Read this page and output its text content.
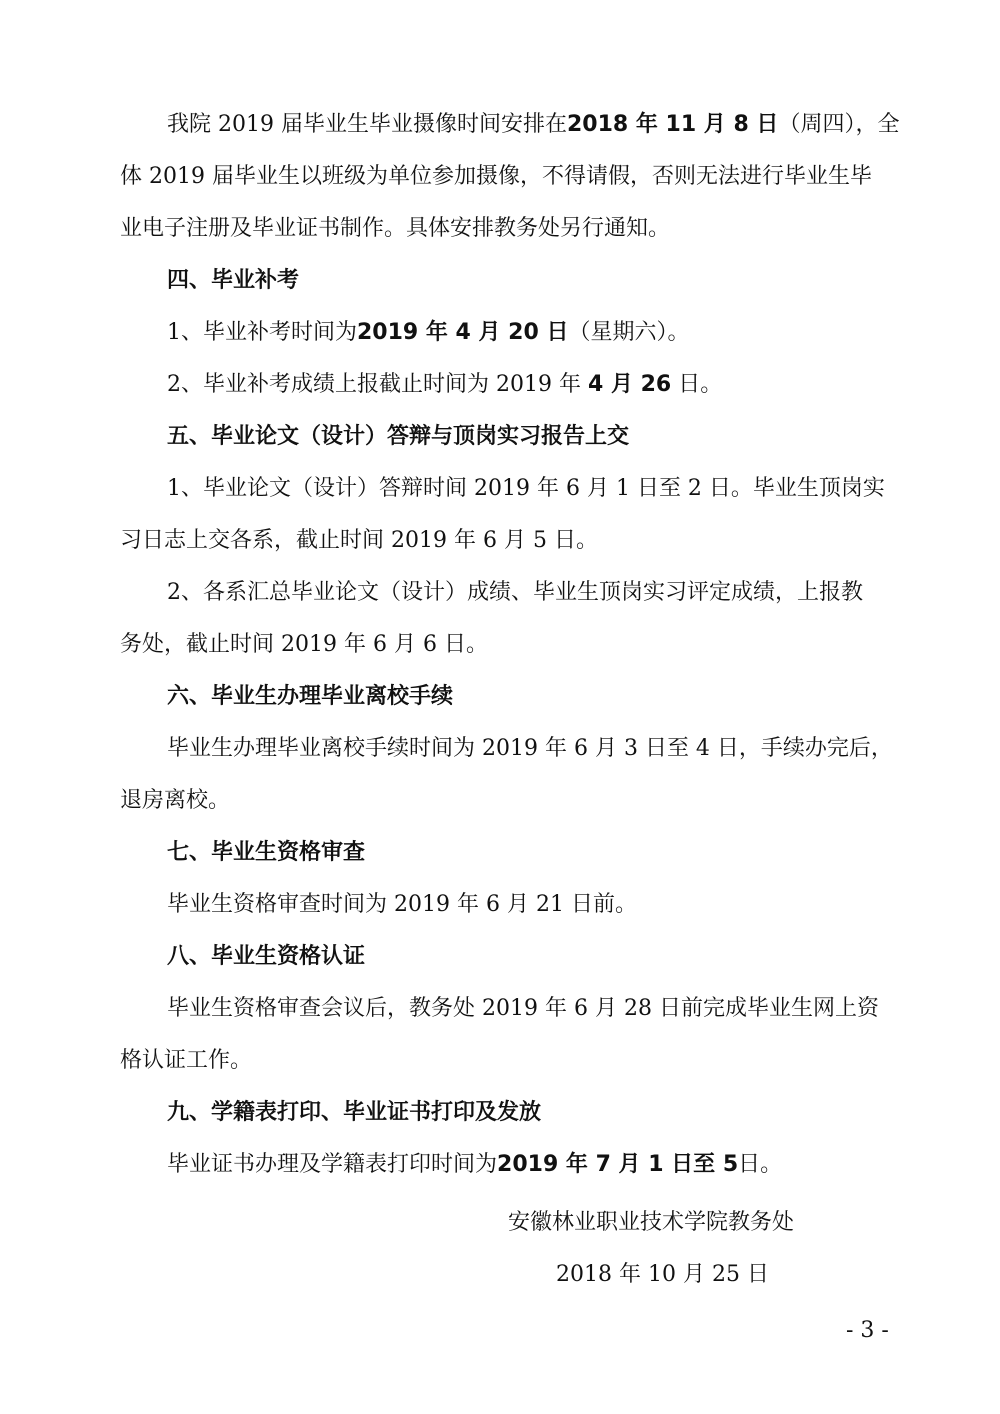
我院 2019 届毕业生毕业摄像时间安排在2018 年 11 月 8 日（周四），全

体 2019 届毕业生以班级为单位参加摄像，不得请假，否则无法进行毕业生毕

业电子注册及毕业证书制作。具体安排教务处另行通知。

四、毕业补考

1、毕业补考时间为2019 年 4 月 20 日（星期六）。

2、毕业补考成绩上报截止时间为 2019 年 4 月 26 日。

五、毕业论文（设计）答辩与顶岗实习报告上交

1、毕业论文（设计）答辩时间 2019 年 6 月 1 日至 2 日。毕业生顶岗实

习日志上交各系，截止时间 2019 年 6 月 5 日。

2、各系汇总毕业论文（设计）成绩、毕业生顶岗实习评定成绩，上报教

务处，截止时间 2019 年 6 月 6 日。

六、毕业生办理毕业离校手续

毕业生办理毕业离校手续时间为 2019 年 6 月 3 日至 4 日，手续办完后，

退房离校。

七、毕业生资格审查

毕业生资格审查时间为 2019 年 6 月 21 日前。

八、毕业生资格认证

毕业生资格审查会议后，教务处 2019 年 6 月 28 日前完成毕业生网上资

格认证工作。

九、学籍表打印、毕业证书打印及发放

毕业证书办理及学籍表打印时间为2019 年 7 月 1 日至 5日。

安徽林业职业技术学院教务处

2018 年 10 月 25 日

- 3 -
